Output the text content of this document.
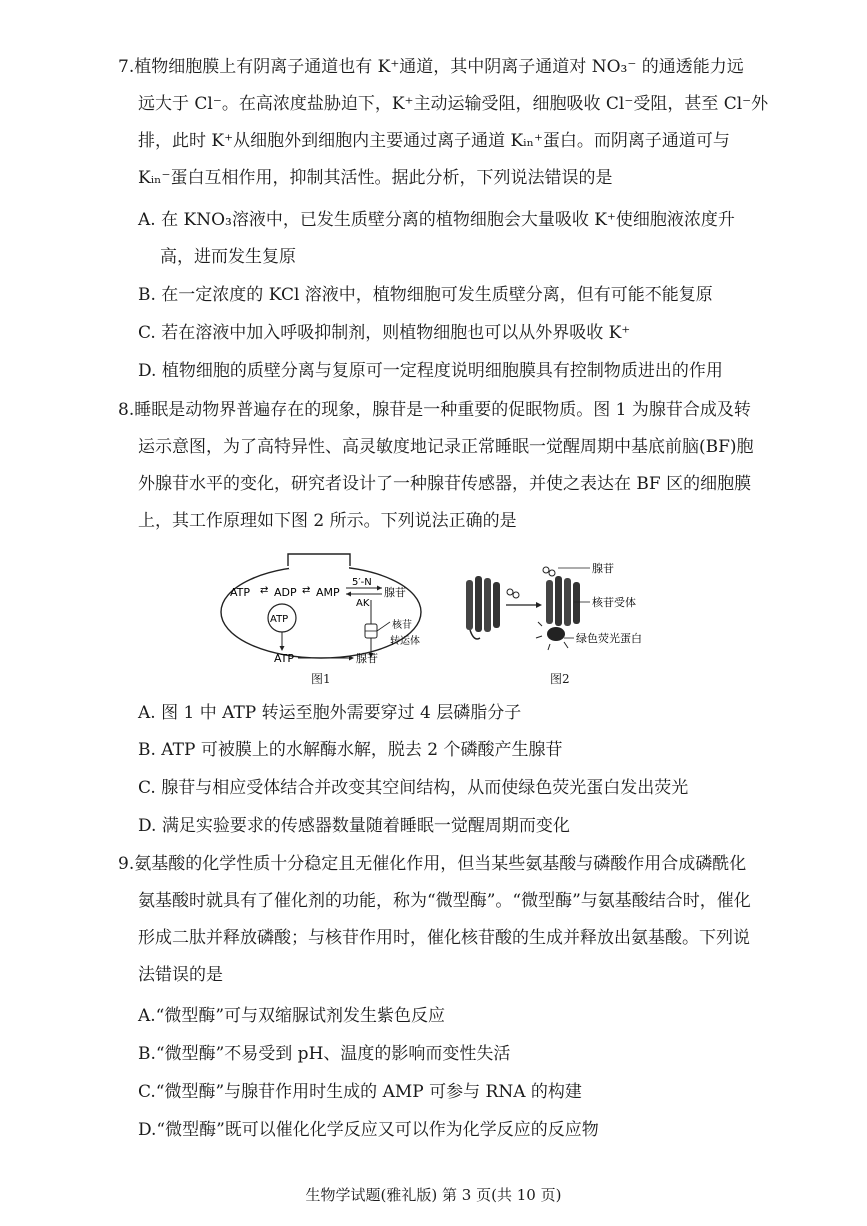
7.植物细胞膜上有阴离子通道也有 K⁺通道，其中阴离子通道对 NO₃⁻ 的通透能力远
远大于 Cl⁻。在高浓度盐胁迫下，K⁺主动运输受阻，细胞吸收 Cl⁻受阻，甚至 Cl⁻外
排，此时 K⁺从细胞外到细胞内主要通过离子通道 Kᵢₙ⁺蛋白。而阴离子通道可与
Kᵢₙ⁻蛋白互相作用，抑制其活性。据此分析，下列说法错误的是
A. 在 KNO₃溶液中，已发生质壁分离的植物细胞会大量吸收 K⁺使细胞液浓度升
高，进而发生复原
B. 在一定浓度的 KCl 溶液中，植物细胞可发生质壁分离，但有可能不能复原
C. 若在溶液中加入呼吸抑制剂，则植物细胞也可以从外界吸收 K⁺
D. 植物细胞的质壁分离与复原可一定程度说明细胞膜具有控制物质进出的作用
8.睡眠是动物界普遍存在的现象，腺苷是一种重要的促眠物质。图 1 为腺苷合成及转
运示意图，为了高特异性、高灵敏度地记录正常睡眠一觉醒周期中基底前脑(BF)胞
外腺苷水平的变化，研究者设计了一种腺苷传感器，并使之表达在 BF 区的细胞膜
上，其工作原理如下图 2 所示。下列说法正确的是
ATP ⇄ ADP ⇄ AMP
5′-N
AK
腺苷
ATP
核苷
转运体
ATP	腺苷
图1
腺苷
核苷受体
绿色荧光蛋白
图2
A. 图 1 中 ATP 转运至胞外需要穿过 4 层磷脂分子
B. ATP 可被膜上的水解酶水解，脱去 2 个磷酸产生腺苷
C. 腺苷与相应受体结合并改变其空间结构，从而使绿色荧光蛋白发出荧光
D. 满足实验要求的传感器数量随着睡眠一觉醒周期而变化
9.氨基酸的化学性质十分稳定且无催化作用，但当某些氨基酸与磷酸作用合成磷酰化
氨基酸时就具有了催化剂的功能，称为“微型酶”。“微型酶”与氨基酸结合时，催化
形成二肽并释放磷酸；与核苷作用时，催化核苷酸的生成并释放出氨基酸。下列说
法错误的是
A.“微型酶”可与双缩脲试剂发生紫色反应
B.“微型酶”不易受到 pH、温度的影响而变性失活
C.“微型酶”与腺苷作用时生成的 AMP 可参与 RNA 的构建
D.“微型酶”既可以催化化学反应又可以作为化学反应的反应物
生物学试题(雅礼版) 第 3 页(共 10 页)
